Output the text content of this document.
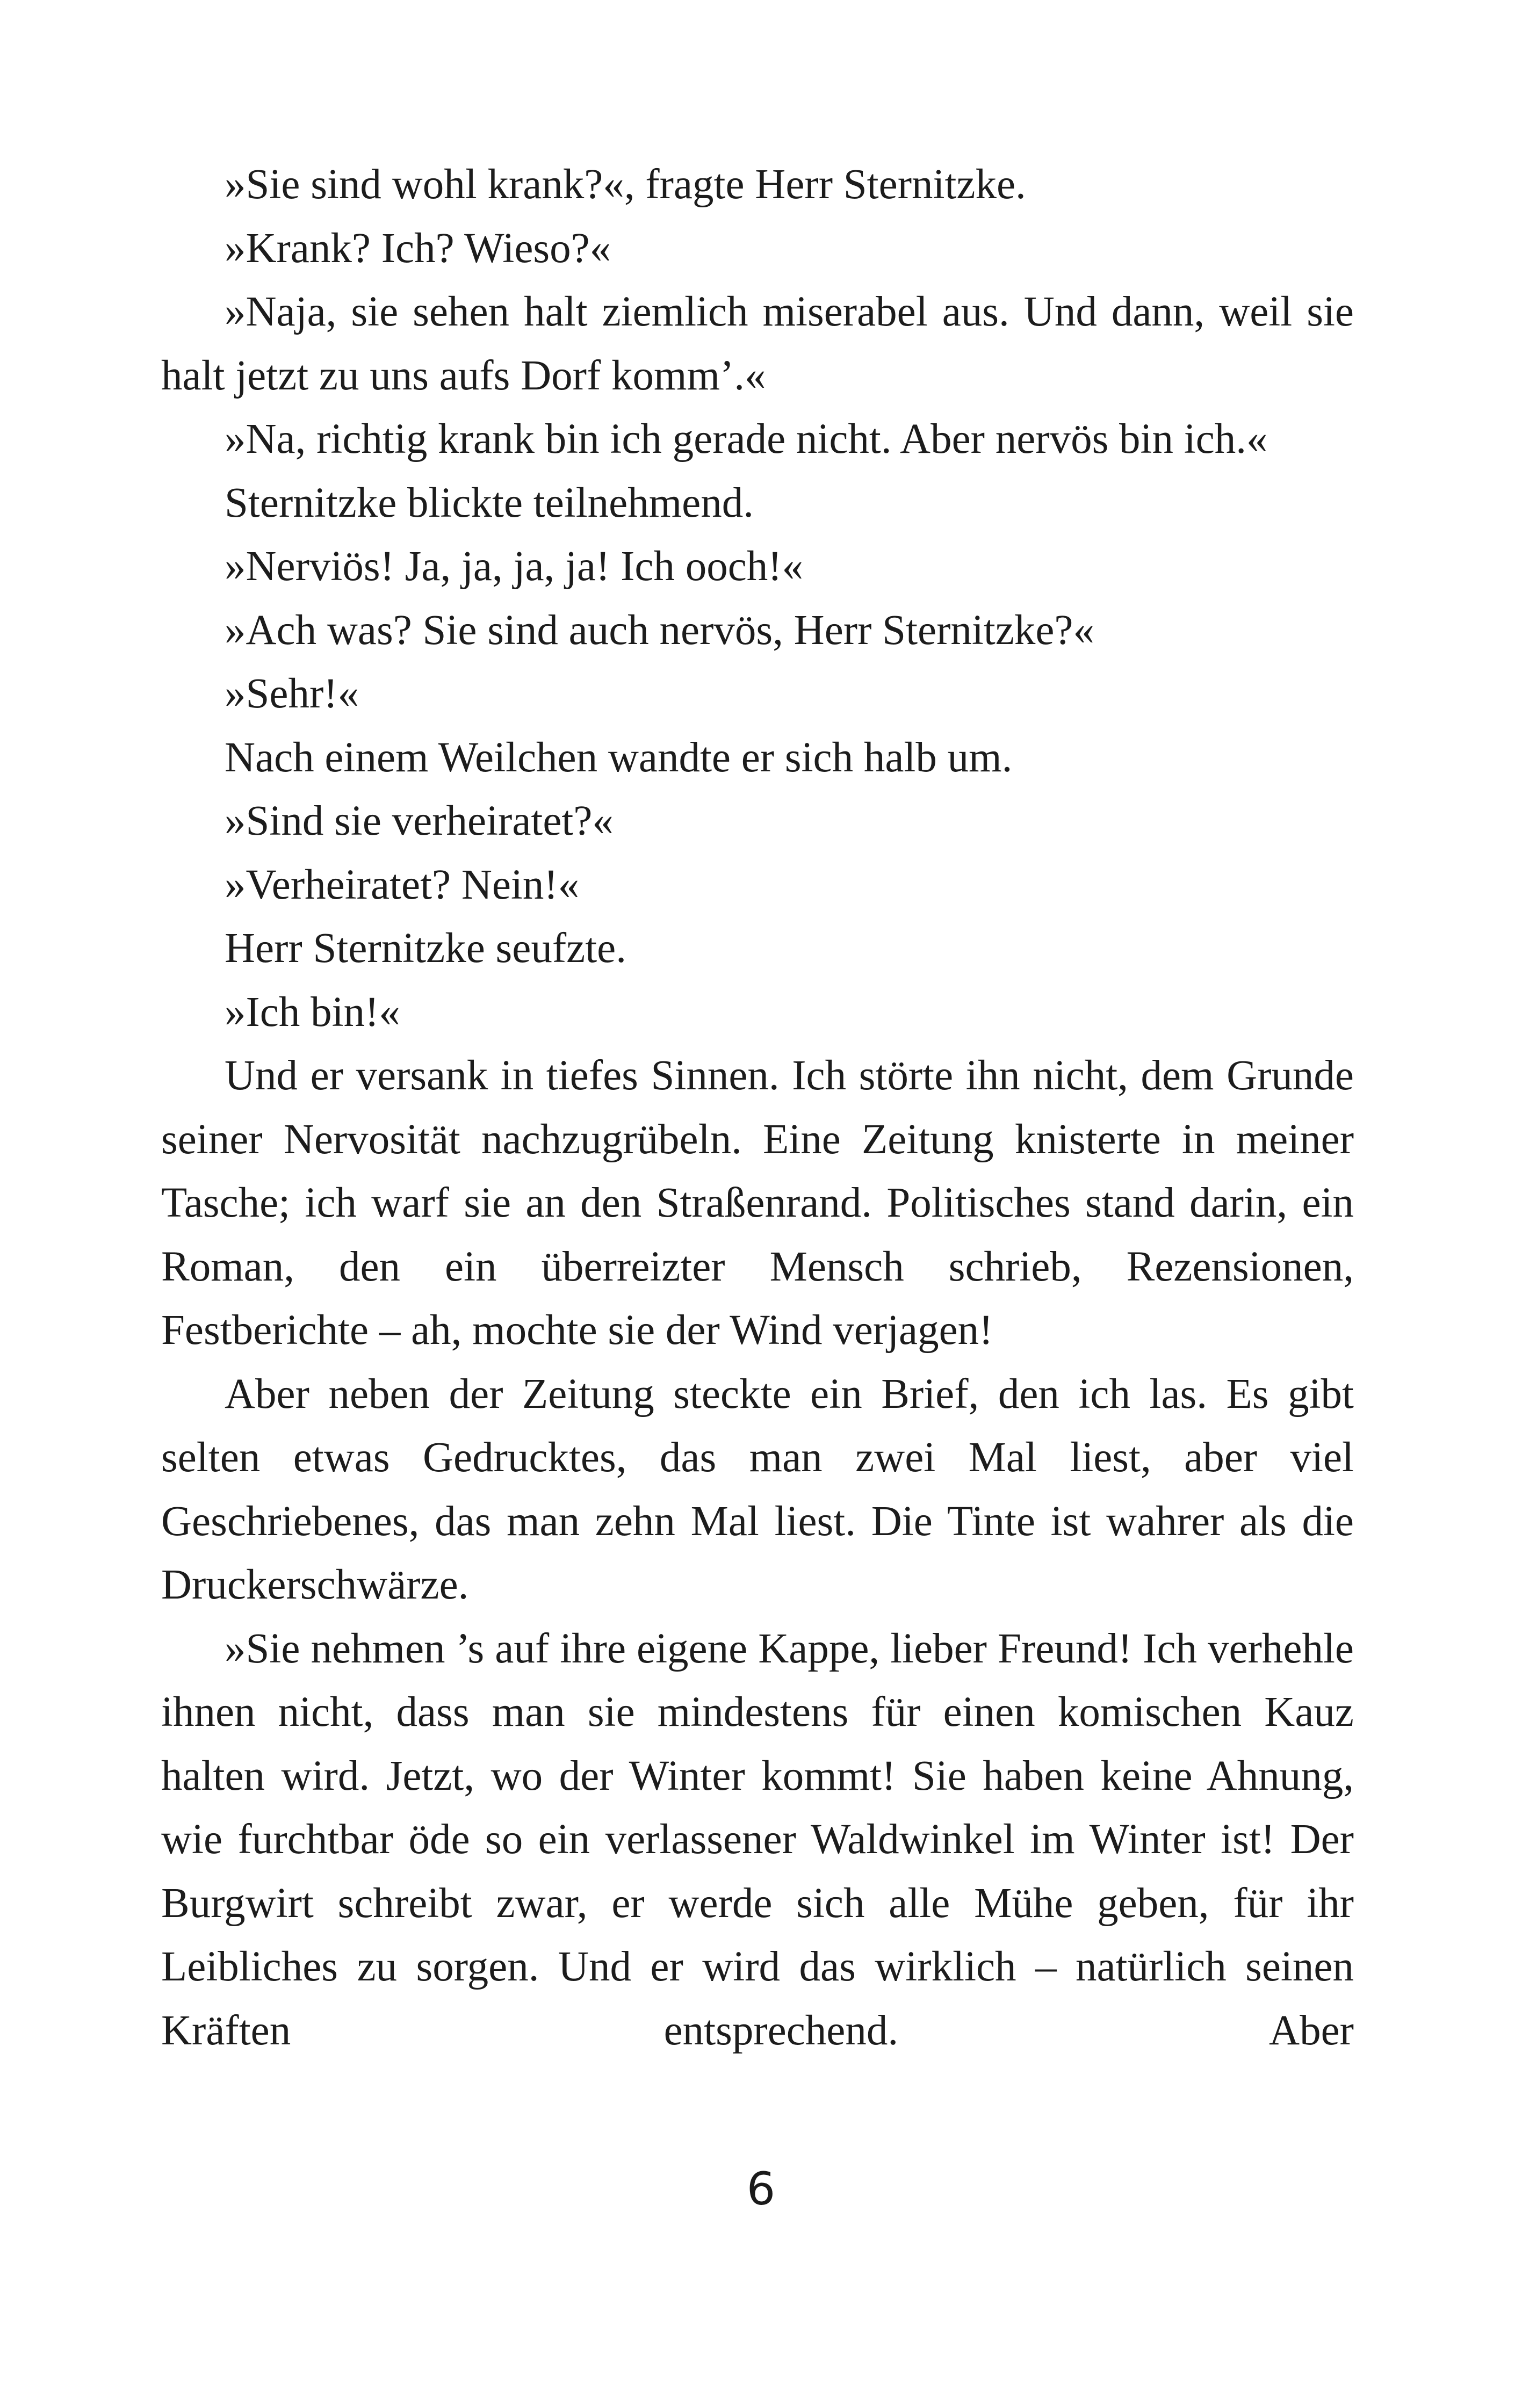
»Sie sind wohl krank?«, fragte Herr Sternitzke.

»Krank? Ich? Wieso?«

»Naja, sie sehen halt ziemlich miserabel aus. Und dann, weil sie halt jetzt zu uns aufs Dorf komm’.«

»Na, richtig krank bin ich gerade nicht. Aber nervös bin ich.«

Sternitzke blickte teilnehmend.

»Nerviös! Ja, ja, ja, ja! Ich ooch!«

»Ach was? Sie sind auch nervös, Herr Sternitzke?«

»Sehr!«

Nach einem Weilchen wandte er sich halb um.

»Sind sie verheiratet?«

»Verheiratet? Nein!«

Herr Sternitzke seufzte.

»Ich bin!«

Und er versank in tiefes Sinnen. Ich störte ihn nicht, dem Grunde seiner Nervosität nachzugrübeln. Eine Zeitung knisterte in meiner Tasche; ich warf sie an den Straßenrand. Politisches stand darin, ein Roman, den ein überreizter Mensch schrieb, Rezensionen, Festberichte – ah, mochte sie der Wind verjagen!

Aber neben der Zeitung steckte ein Brief, den ich las. Es gibt selten etwas Gedrucktes, das man zwei Mal liest, aber viel Geschriebenes, das man zehn Mal liest. Die Tinte ist wahrer als die Druckerschwärze.

»Sie nehmen ’s auf ihre eigene Kappe, lieber Freund! Ich verhehle ihnen nicht, dass man sie mindestens für einen komischen Kauz halten wird. Jetzt, wo der Winter kommt! Sie haben keine Ahnung, wie furchtbar öde so ein verlassener Waldwinkel im Winter ist! Der Burgwirt schreibt zwar, er werde sich alle Mühe geben, für ihr Leibliches zu sorgen. Und er wird das wirklich – natürlich seinen Kräften entsprechend. Aber

6
